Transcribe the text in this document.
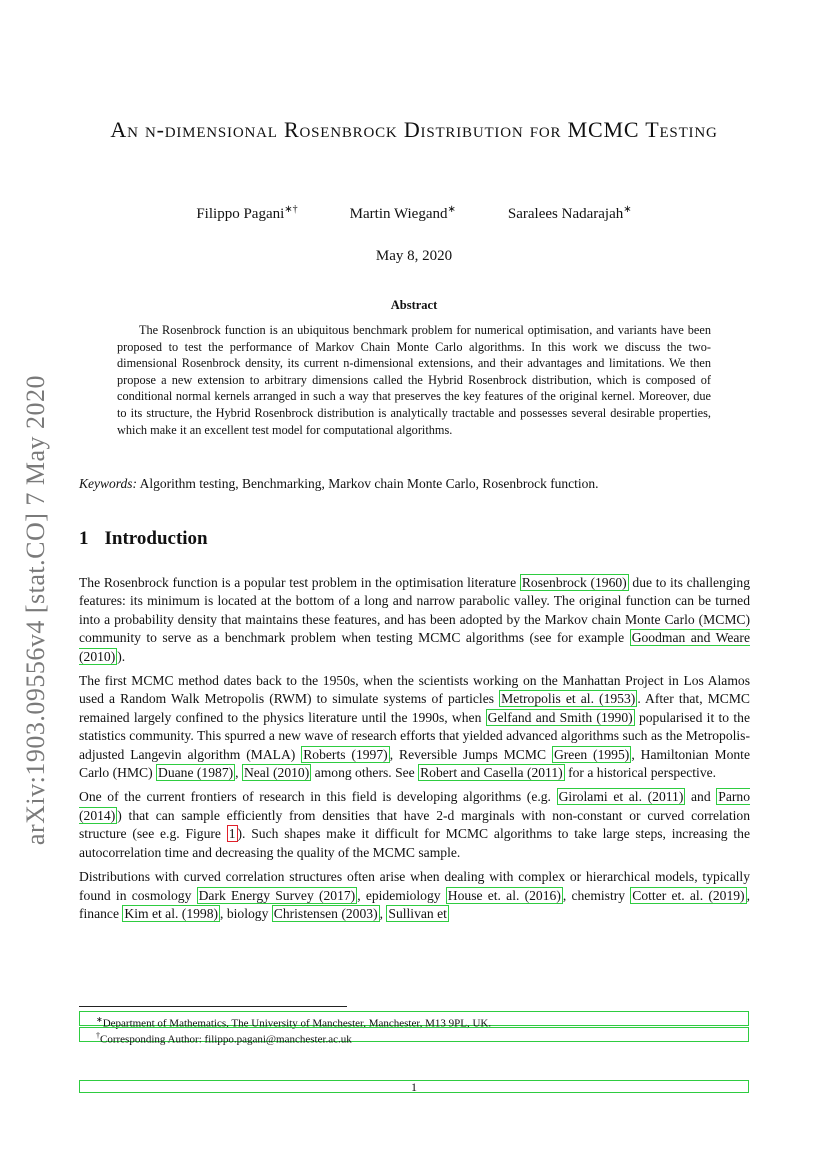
arXiv:1903.09556v4 [stat.CO] 7 May 2020
An n-dimensional Rosenbrock Distribution for MCMC Testing
Filippo Pagani∗†	Martin Wiegand∗	Saralees Nadarajah∗
May 8, 2020
Abstract

The Rosenbrock function is an ubiquitous benchmark problem for numerical optimisation, and variants have been proposed to test the performance of Markov Chain Monte Carlo algorithms. In this work we discuss the two-dimensional Rosenbrock density, its current n-dimensional extensions, and their advantages and limitations. We then propose a new extension to arbitrary dimensions called the Hybrid Rosenbrock distribution, which is composed of conditional normal kernels arranged in such a way that preserves the key features of the original kernel. Moreover, due to its structure, the Hybrid Rosenbrock distribution is analytically tractable and possesses several desirable properties, which make it an excellent test model for computational algorithms.

Keywords: Algorithm testing, Benchmarking, Markov chain Monte Carlo, Rosenbrock function.

1 Introduction

The Rosenbrock function is a popular test problem in the optimisation literature Rosenbrock (1960) due to its challenging features: its minimum is located at the bottom of a long and narrow parabolic valley. The original function can be turned into a probability density that maintains these features, and has been adopted by the Markov chain Monte Carlo (MCMC) community to serve as a benchmark problem when testing MCMC algorithms (see for example Goodman and Weare (2010) ).

The first MCMC method dates back to the 1950s, when the scientists working on the Manhattan Project in Los Alamos used a Random Walk Metropolis (RWM) to simulate systems of particles Metropolis et al. (1953) . After that, MCMC remained largely confined to the physics literature until the 1990s, when Gelfand and Smith (1990) popularised it to the statistics community. This spurred a new wave of research efforts that yielded advanced algorithms such as the Metropolis-adjusted Langevin algorithm (MALA) Roberts (1997) , Reversible Jumps MCMC Green (1995) , Hamiltonian Monte Carlo (HMC) Duane (1987) , Neal (2010) among others. See Robert and Casella (2011) for a historical perspective.

One of the current frontiers of research in this field is developing algorithms (e.g. Girolami et al. (2011) and Parno (2014) ) that can sample efficiently from densities that have 2-d marginals with non-constant or curved correlation structure (see e.g. Figure 1 ). Such shapes make it difficult for MCMC algorithms to take large steps, increasing the autocorrelation time and decreasing the quality of the MCMC sample.

Distributions with curved correlation structures often arise when dealing with complex or hierarchical models, typically found in cosmology Dark Energy Survey (2017) , epidemiology House et. al. (2016) , chemistry Cotter et. al. (2019) , finance Kim et al. (1998) , biology Christensen (2003) , Sullivan et

∗Department of Mathematics, The University of Manchester, Manchester, M13 9PL, UK.
†Corresponding Author: filippo.pagani@manchester.ac.uk
1
